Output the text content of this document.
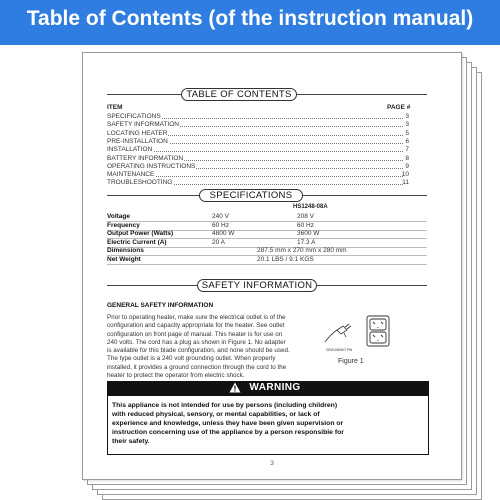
Table of Contents (of the instruction manual)
TABLE OF CONTENTS
ITEM	PAGE #
SPECIFICATIONS	3
SAFETY INFORMATION	3
LOCATING HEATER	5
PRE-INSTALLATION	6
INSTALLATION	7
BATTERY INFORMATION	8
OPERATING INSTRUCTIONS	9
MAINTENANCE	10
TROUBLESHOOTING	11
SPECIFICATIONS
HS1248-08A
Voltage	240 V	208 V
Frequency	60 Hz	60 Hz
Output Power (Watts)	4800 W	3600 W
Electric Current (A)	20 A	17.3 A
Dimensions	287.5 mm x 270 mm x 280 mm
Net Weight	20.1 LBS / 9.1 KGS
SAFETY INFORMATION
GENERAL SAFETY INFORMATION
Prior to operating heater, make sure the electrical outlet is of the
configuration and capacity appropriate for the heater. See outlet
configuration on front page of manual. This heater is for use on
240 volts. The cord has a plug as shown in Figure 1. No adapter
is available for this blade configuration, and none should be used.
The type outlet is a 240 volt grounding outlet. When properly
installed, it provides a ground connection through the cord to the
heater to protect the operator from electric shock.
GROUNDING PIN
Figure 1
WARNING
This appliance is not intended for use by persons (including children)
with reduced physical, sensory, or mental capabilities, or lack of
experience and knowledge, unless they have been given supervision or
instruction concerning use of the appliance by a person responsible for
their safety.
3
